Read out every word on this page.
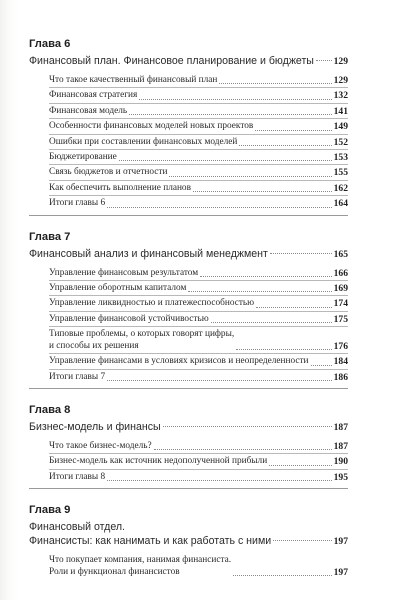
Глава 6
Финансовый план. Финансовое планирование и бюджеты 129
Что такое качественный финансовый план	129
Финансовая стратегия	132
Финансовая модель	141
Особенности финансовых моделей новых проектов	149
Ошибки при составлении финансовых моделей	152
Бюджетирование	153
Связь бюджетов и отчетности	155
Как обеспечить выполнение планов	162
Итоги главы 6	164
Глава 7
Финансовый анализ и финансовый менеджмент	165
Управление финансовым результатом	166
Управление оборотным капиталом	169
Управление ликвидностью и платежеспособностью	174
Управление финансовой устойчивостью	175
Типовые проблемы, о которых говорят цифры,
и способы их решения	176
Управление финансами в условиях кризисов и неопределенности	184
Итоги главы 7	186
Глава 8
Бизнес-модель и финансы	187
Что такое бизнес-модель?	187
Бизнес-модель как источник недополученной прибыли	190
Итоги главы 8	195
Глава 9
Финансовый отдел.
Финансисты: как нанимать и как работать с ними	197
Что покупает компания, нанимая финансиста.
Роли и функционал финансистов	197
